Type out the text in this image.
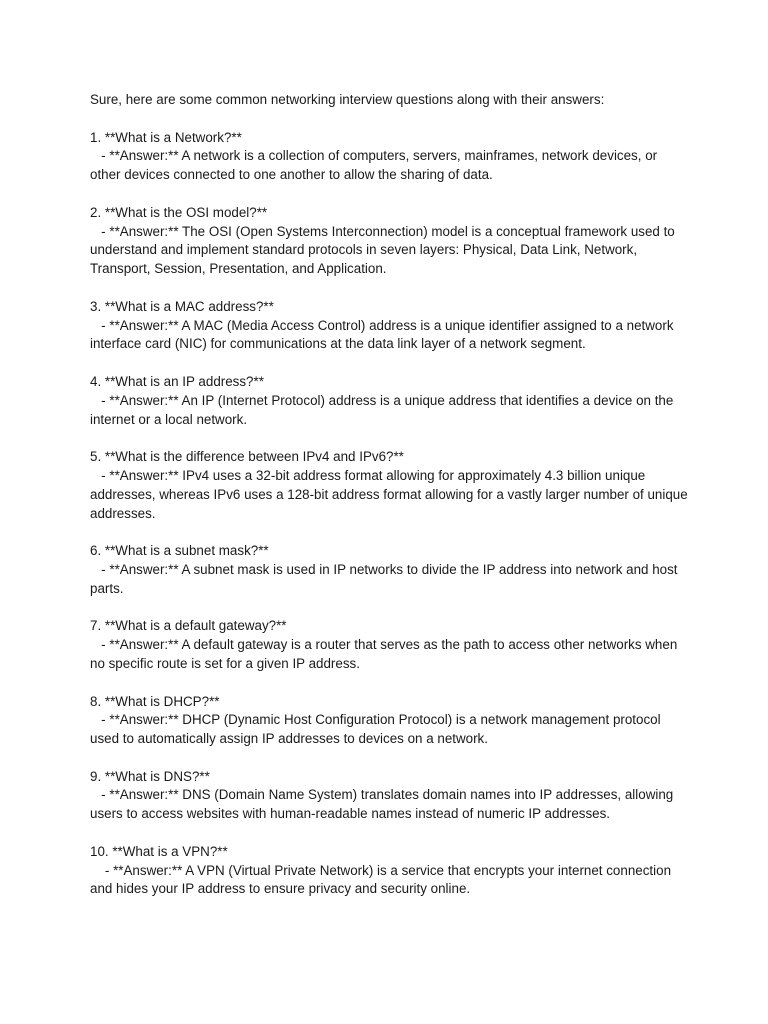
Sure, here are some common networking interview questions along with their answers:
1. **What is a Network?**
- **Answer:** A network is a collection of computers, servers, mainframes, network devices, or other devices connected to one another to allow the sharing of data.
2. **What is the OSI model?**
- **Answer:** The OSI (Open Systems Interconnection) model is a conceptual framework used to understand and implement standard protocols in seven layers: Physical, Data Link, Network, Transport, Session, Presentation, and Application.
3. **What is a MAC address?**
- **Answer:** A MAC (Media Access Control) address is a unique identifier assigned to a network interface card (NIC) for communications at the data link layer of a network segment.
4. **What is an IP address?**
- **Answer:** An IP (Internet Protocol) address is a unique address that identifies a device on the internet or a local network.
5. **What is the difference between IPv4 and IPv6?**
- **Answer:** IPv4 uses a 32-bit address format allowing for approximately 4.3 billion unique addresses, whereas IPv6 uses a 128-bit address format allowing for a vastly larger number of unique addresses.
6. **What is a subnet mask?**
- **Answer:** A subnet mask is used in IP networks to divide the IP address into network and host parts.
7. **What is a default gateway?**
- **Answer:** A default gateway is a router that serves as the path to access other networks when no specific route is set for a given IP address.
8. **What is DHCP?**
- **Answer:** DHCP (Dynamic Host Configuration Protocol) is a network management protocol used to automatically assign IP addresses to devices on a network.
9. **What is DNS?**
- **Answer:** DNS (Domain Name System) translates domain names into IP addresses, allowing users to access websites with human-readable names instead of numeric IP addresses.
10. **What is a VPN?**
- **Answer:** A VPN (Virtual Private Network) is a service that encrypts your internet connection and hides your IP address to ensure privacy and security online.
